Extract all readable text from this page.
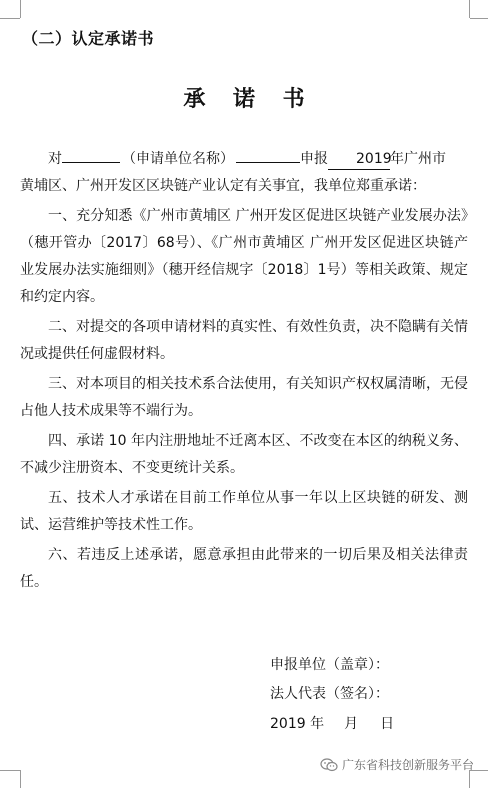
（二）认定承诺书
承 诺 书

对	（申请单位名称）	申报 2019年广州市

黄埔区、广州开发区区块链产业认定有关事宜，我单位郑重承诺：

一、充分知悉《广州市黄埔区 广州开发区促进区块链产业发展办法》（穗开管办〔2017〕68号）、《广州市黄埔区 广州开发区促进区块链产业发展办法实施细则》（穗开经信规字〔2018〕1号）等相关政策、规定和约定内容。

二、对提交的各项申请材料的真实性、有效性负责，决不隐瞒有关情况或提供任何虚假材料。

三、对本项目的相关技术系合法使用，有关知识产权权属清晰，无侵占他人技术成果等不端行为。

四、承诺 10 年内注册地址不迁离本区、不改变在本区的纳税义务、不减少注册资本、不变更统计关系。

五、技术人才承诺在目前工作单位从事一年以上区块链的研发、测试、运营维护等技术性工作。

六、若违反上述承诺，愿意承担由此带来的一切后果及相关法律责任。

申报单位（盖章）：
法人代表（签名）：
2019 年 月 日
广东省科技创新服务平台
